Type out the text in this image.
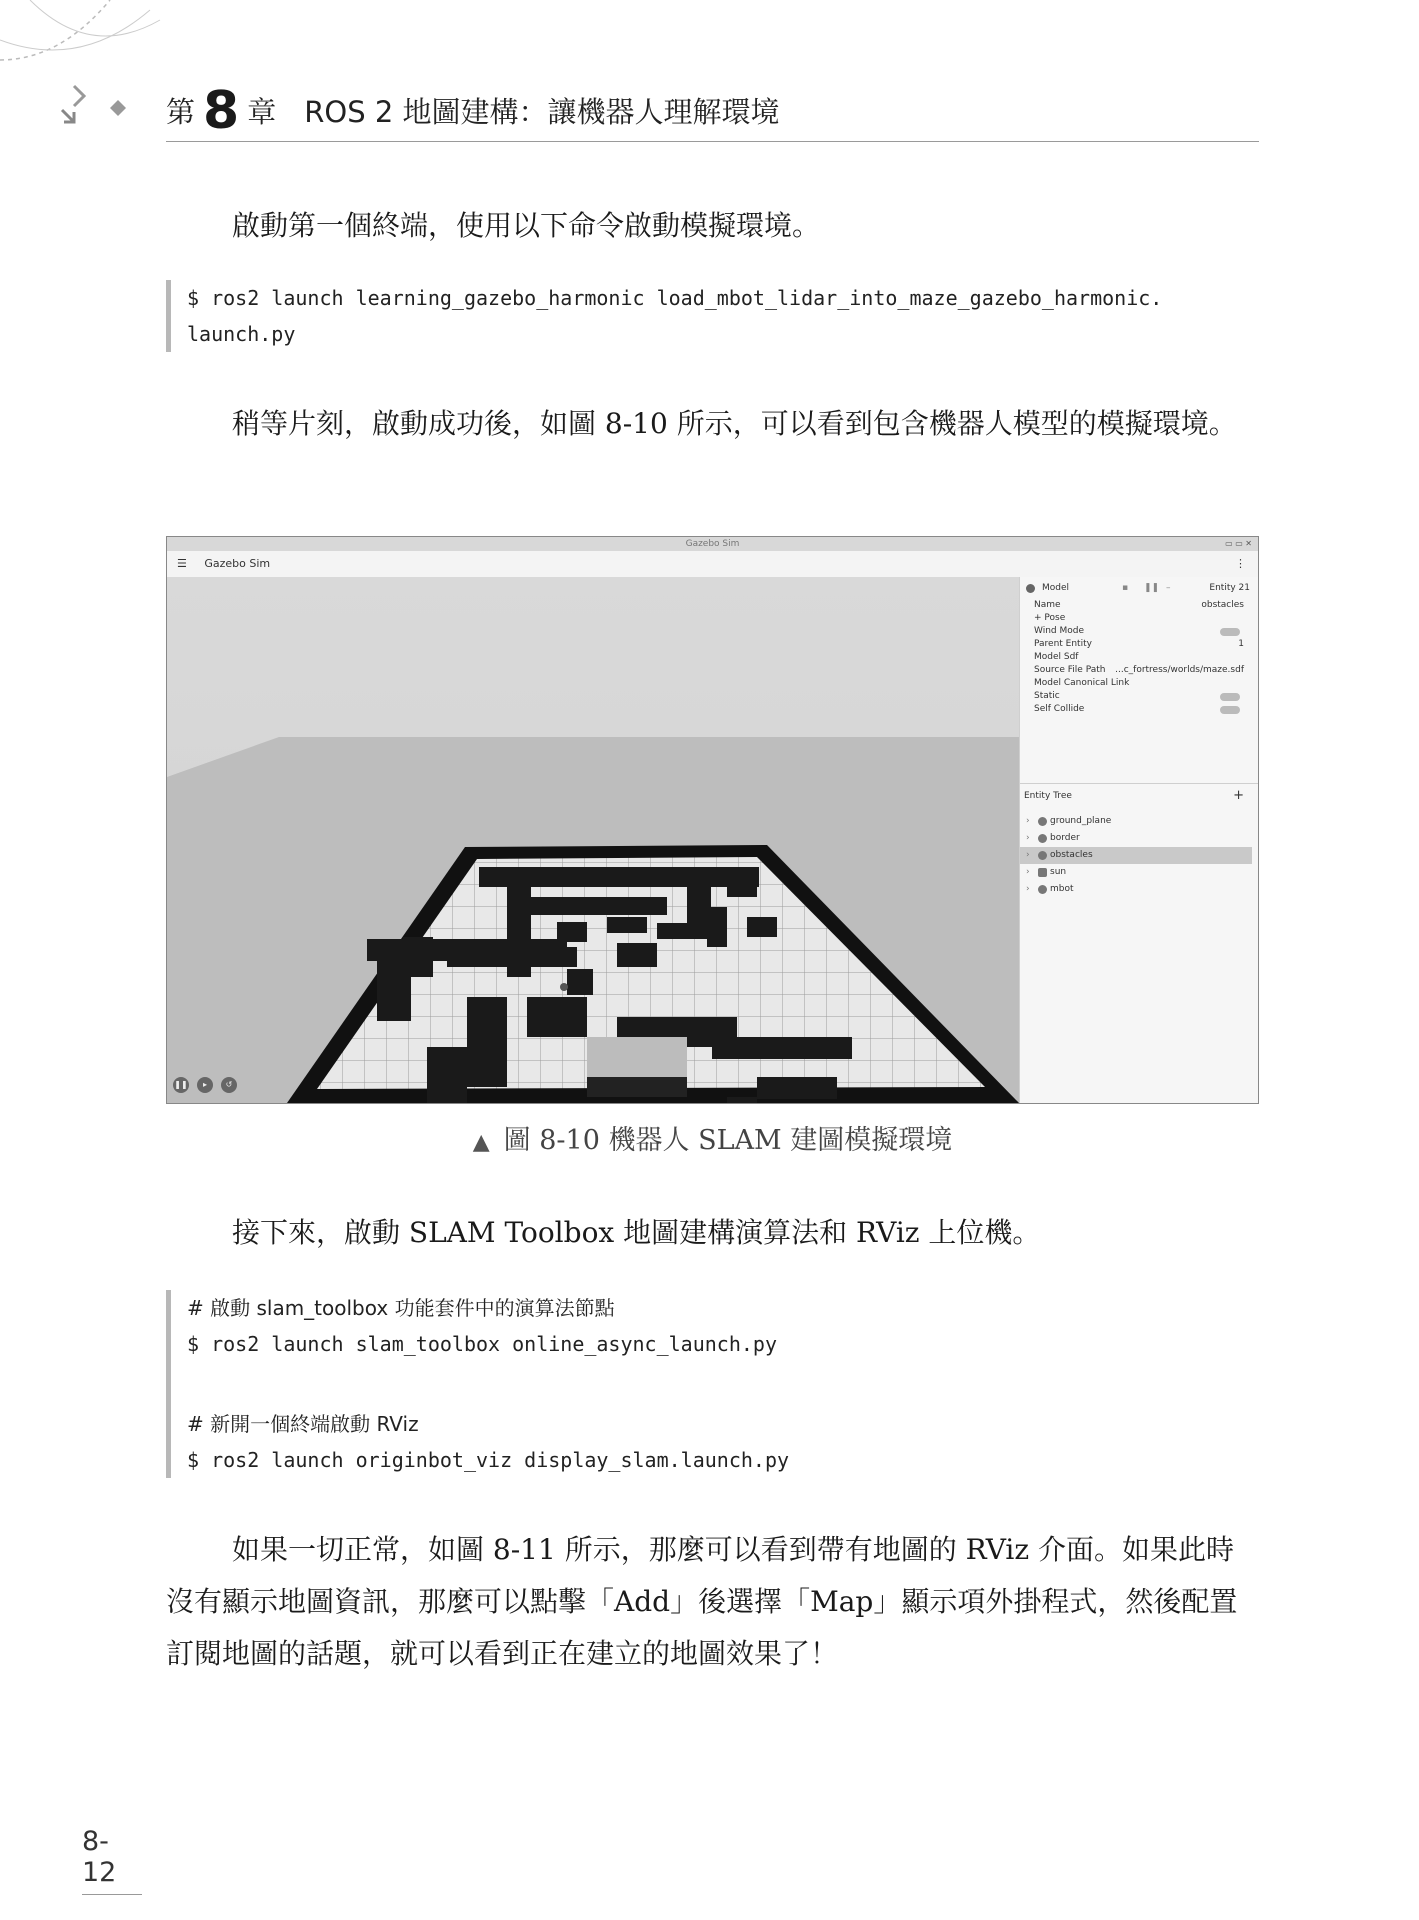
第 8 章 ROS 2 地圖建構：讓機器人理解環境

啟動第一個終端，使用以下命令啟動模擬環境。

$ ros2 launch learning_gazebo_harmonic load_mbot_lidar_into_maze_gazebo_harmonic.
launch.py

稍等片刻，啟動成功後，如圖 8-10 所示，可以看到包含機器人模型的模擬環境。

Gazebo Sim	▭ ▭ ✕
☰ Gazebo Sim	⋮
❚❚	▸	↺
Model	▪ ❚❚ –	Entity 21
Name	obstacles
+ Pose
Wind Mode
Parent Entity	1
Model Sdf
Source File Path ...c_fortress/worlds/maze.sdf
Model Canonical Link
Static
Self Collide
Entity Tree	+
› ground_plane
› border
› obstacles
› sun
› mbot
▲ 圖 8-10 機器人 SLAM 建圖模擬環境

接下來，啟動 SLAM Toolbox 地圖建構演算法和 RViz 上位機。

# 啟動 slam_toolbox 功能套件中的演算法節點
$ ros2 launch slam_toolbox online_async_launch.py
# 新開一個終端啟動 RViz
$ ros2 launch originbot_viz display_slam.launch.py

如果一切正常，如圖 8-11 所示，那麼可以看到帶有地圖的 RViz 介面。如果此時沒有顯示地圖資訊，那麼可以點擊「Add」後選擇「Map」顯示項外掛程式，然後配置訂閱地圖的話題，就可以看到正在建立的地圖效果了！

8-12
